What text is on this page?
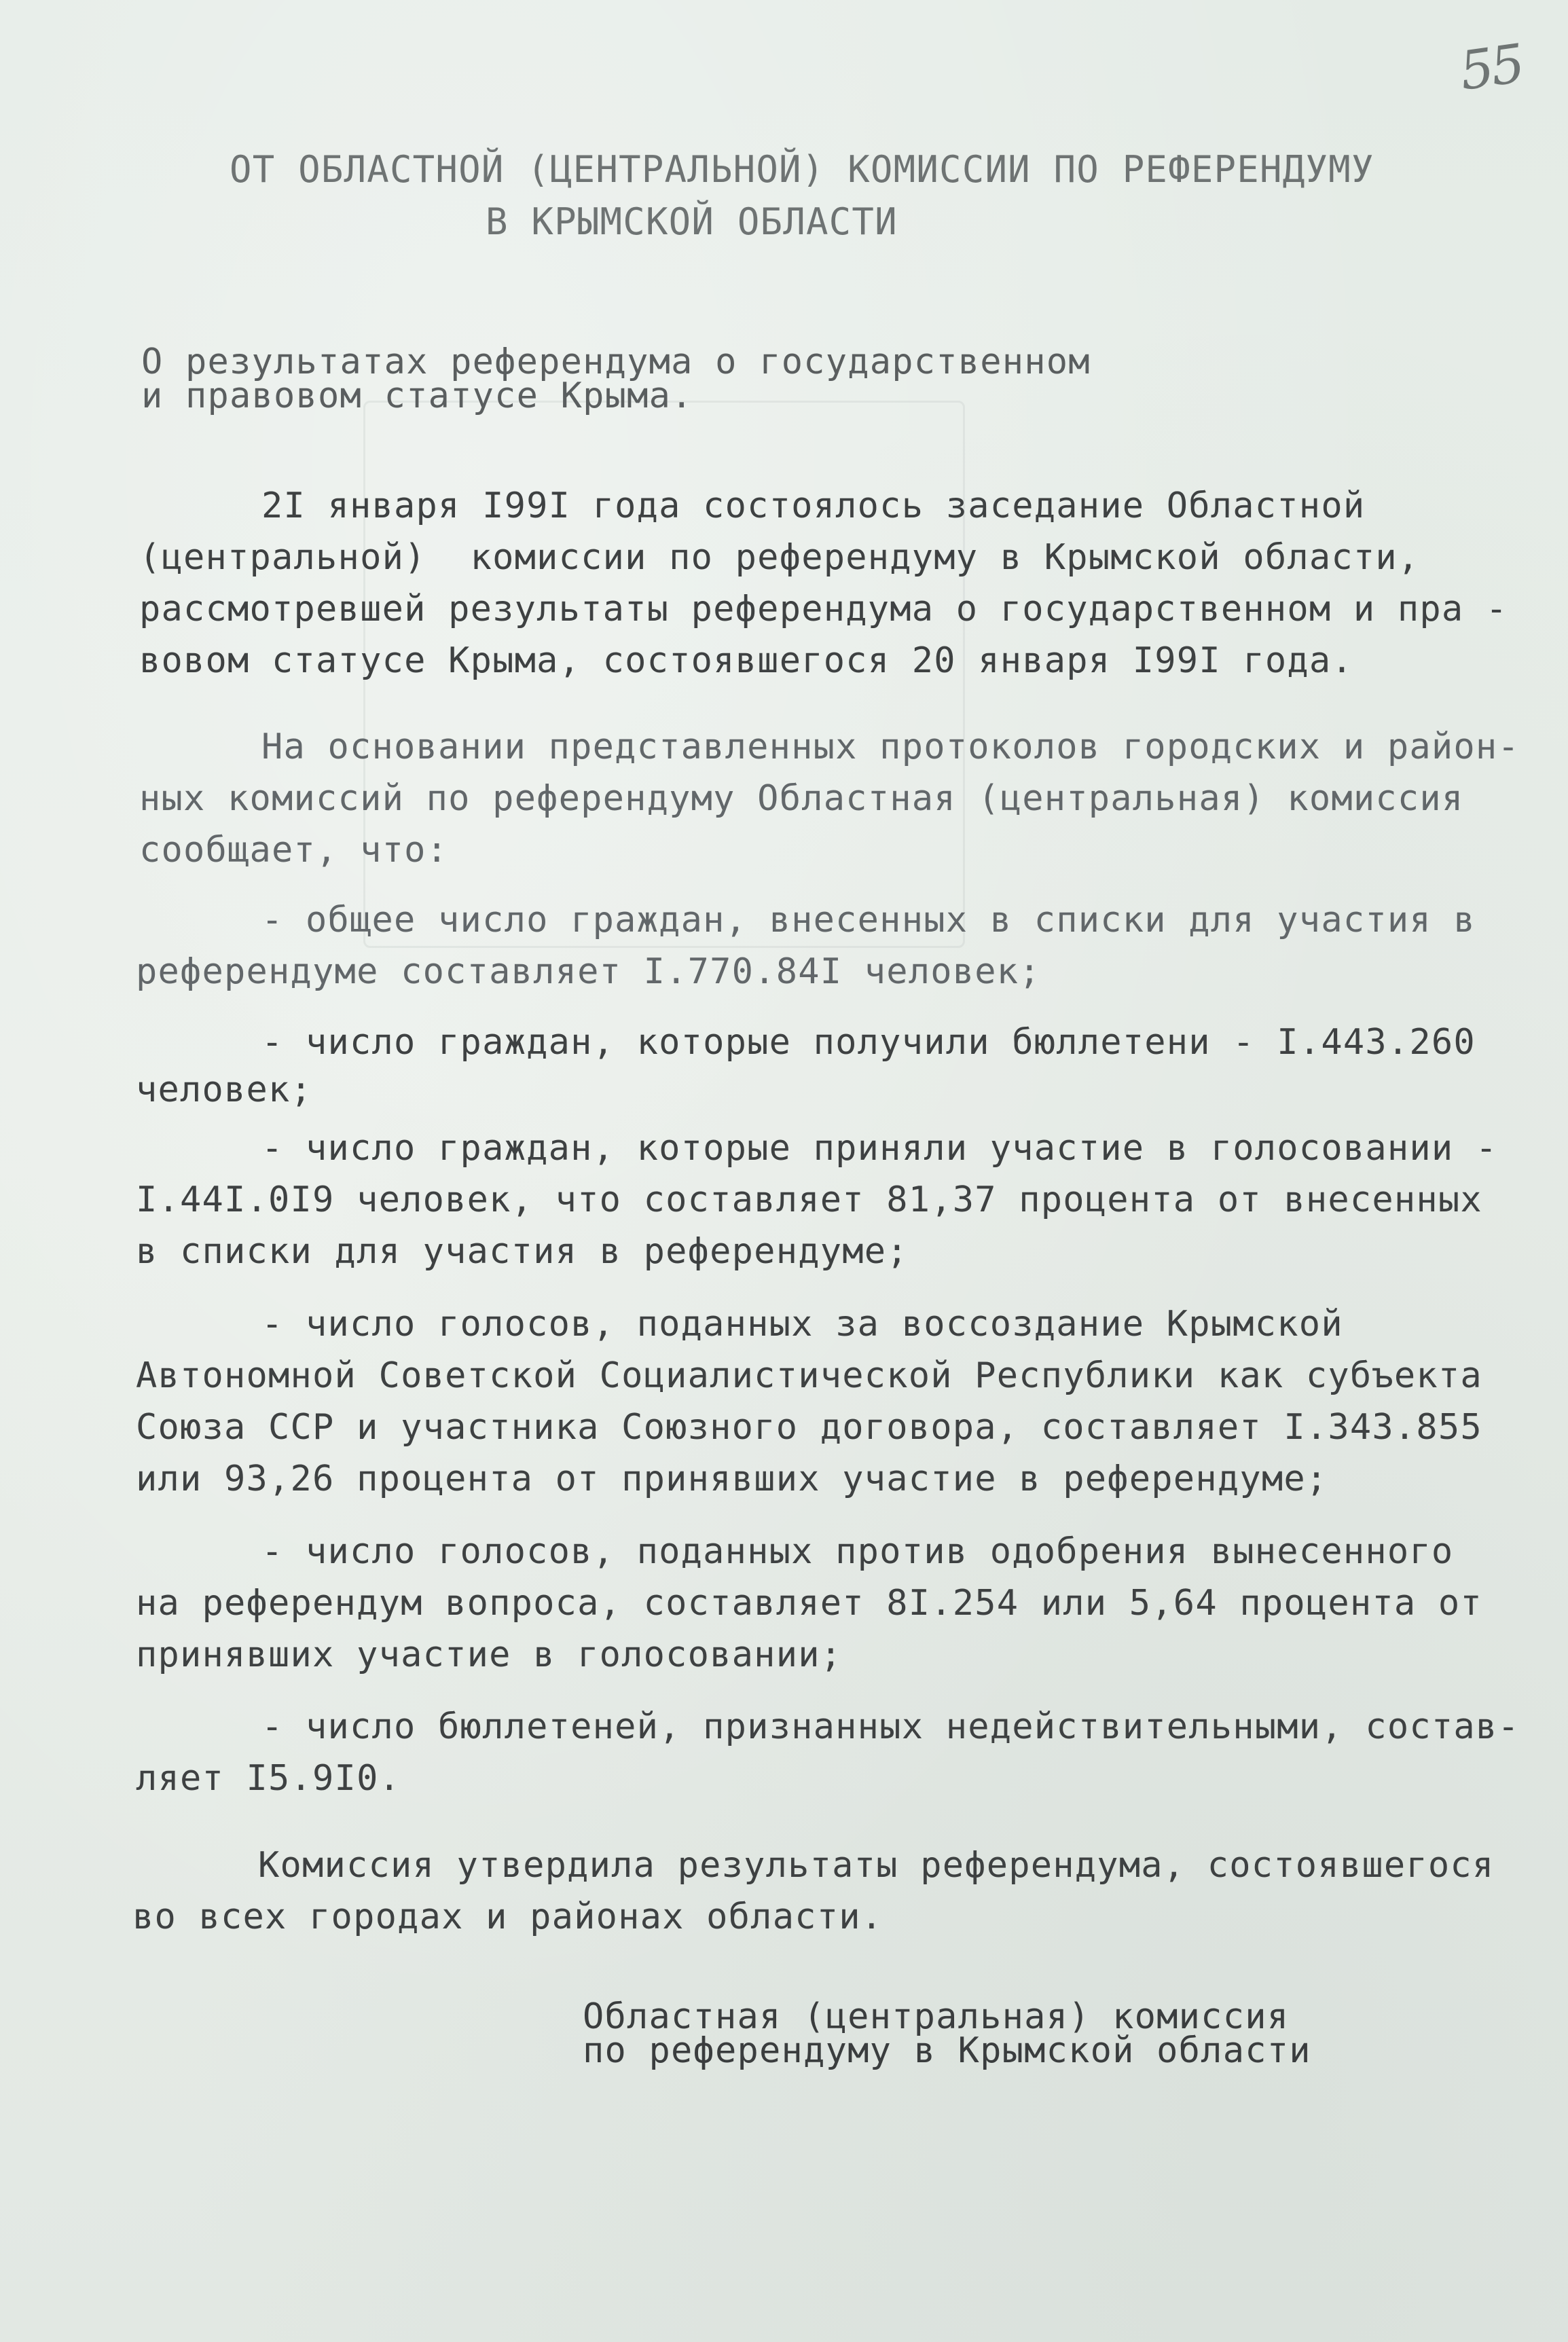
55
ОТ ОБЛАСТНОЙ (ЦЕНТРАЛЬНОЙ) КОМИССИИ ПО РЕФЕРЕНДУМУ
В КРЫМСКОЙ ОБЛАСТИ
О результатах референдума о государственном
и правовом статусе Крыма.
2I января I99I года состоялось заседание Областной
(центральной)  комиссии по референдуму в Крымской области,
рассмотревшей результаты референдума о государственном и пра -
вовом статусе Крыма, состоявшегося 20 января I99I года.
На основании представленных протоколов городских и район-
ных комиссий по референдуму Областная (центральная) комиссия
сообщает, что:
- общее число граждан, внесенных в списки для участия в
референдуме составляет I.770.84I человек;
- число граждан, которые получили бюллетени - I.443.260
человек;
- число граждан, которые приняли участие в голосовании -
I.44I.0I9 человек, что составляет 81,37 процента от внесенных
в списки для участия в референдуме;
- число голосов, поданных за воссоздание Крымской
Автономной Советской Социалистической Республики как субъекта
Союза ССР и участника Союзного договора, составляет I.343.855
или 93,26 процента от принявших участие в референдуме;
- число голосов, поданных против одобрения вынесенного
на референдум вопроса, составляет 8I.254 или 5,64 процента от
принявших участие в голосовании;
- число бюллетеней, признанных недействительными, состав-
ляет I5.9I0.
Комиссия утвердила результаты референдума, состоявшегося
во всех городах и районах области.
Областная (центральная) комиссия
по референдуму в Крымской области
